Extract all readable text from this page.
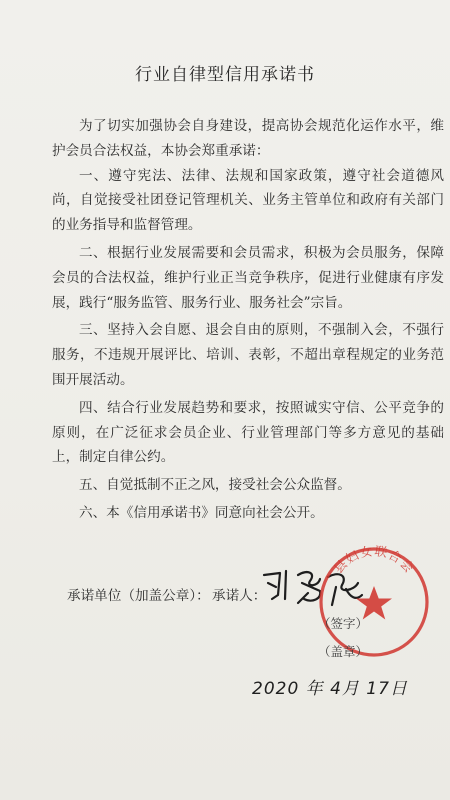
行业自律型信用承诺书

为了切实加强协会自身建设，提高协会规范化运作水平，维护会员合法权益，本协会郑重承诺：

一、遵守宪法、法律、法规和国家政策，遵守社会道德风尚，自觉接受社团登记管理机关、业务主管单位和政府有关部门的业务指导和监督管理。

二、根据行业发展需要和会员需求，积极为会员服务，保障会员的合法权益，维护行业正当竞争秩序，促进行业健康有序发展，践行“服务监管、服务行业、服务社会”宗旨。

三、坚持入会自愿、退会自由的原则，不强制入会，不强行服务，不违规开展评比、培训、表彰，不超出章程规定的业务范围开展活动。

四、结合行业发展趋势和要求，按照诚实守信、公平竞争的原则，在广泛征求会员企业、行业管理部门等多方意见的基础上，制定自律公约。

五、自觉抵制不正之风，接受社会公众监督。

六、本《信用承诺书》同意向社会公开。

承诺单位（加盖公章）： 承诺人：
县妇女联合会
（签字）
（盖章）
2020 年 4月 17日
